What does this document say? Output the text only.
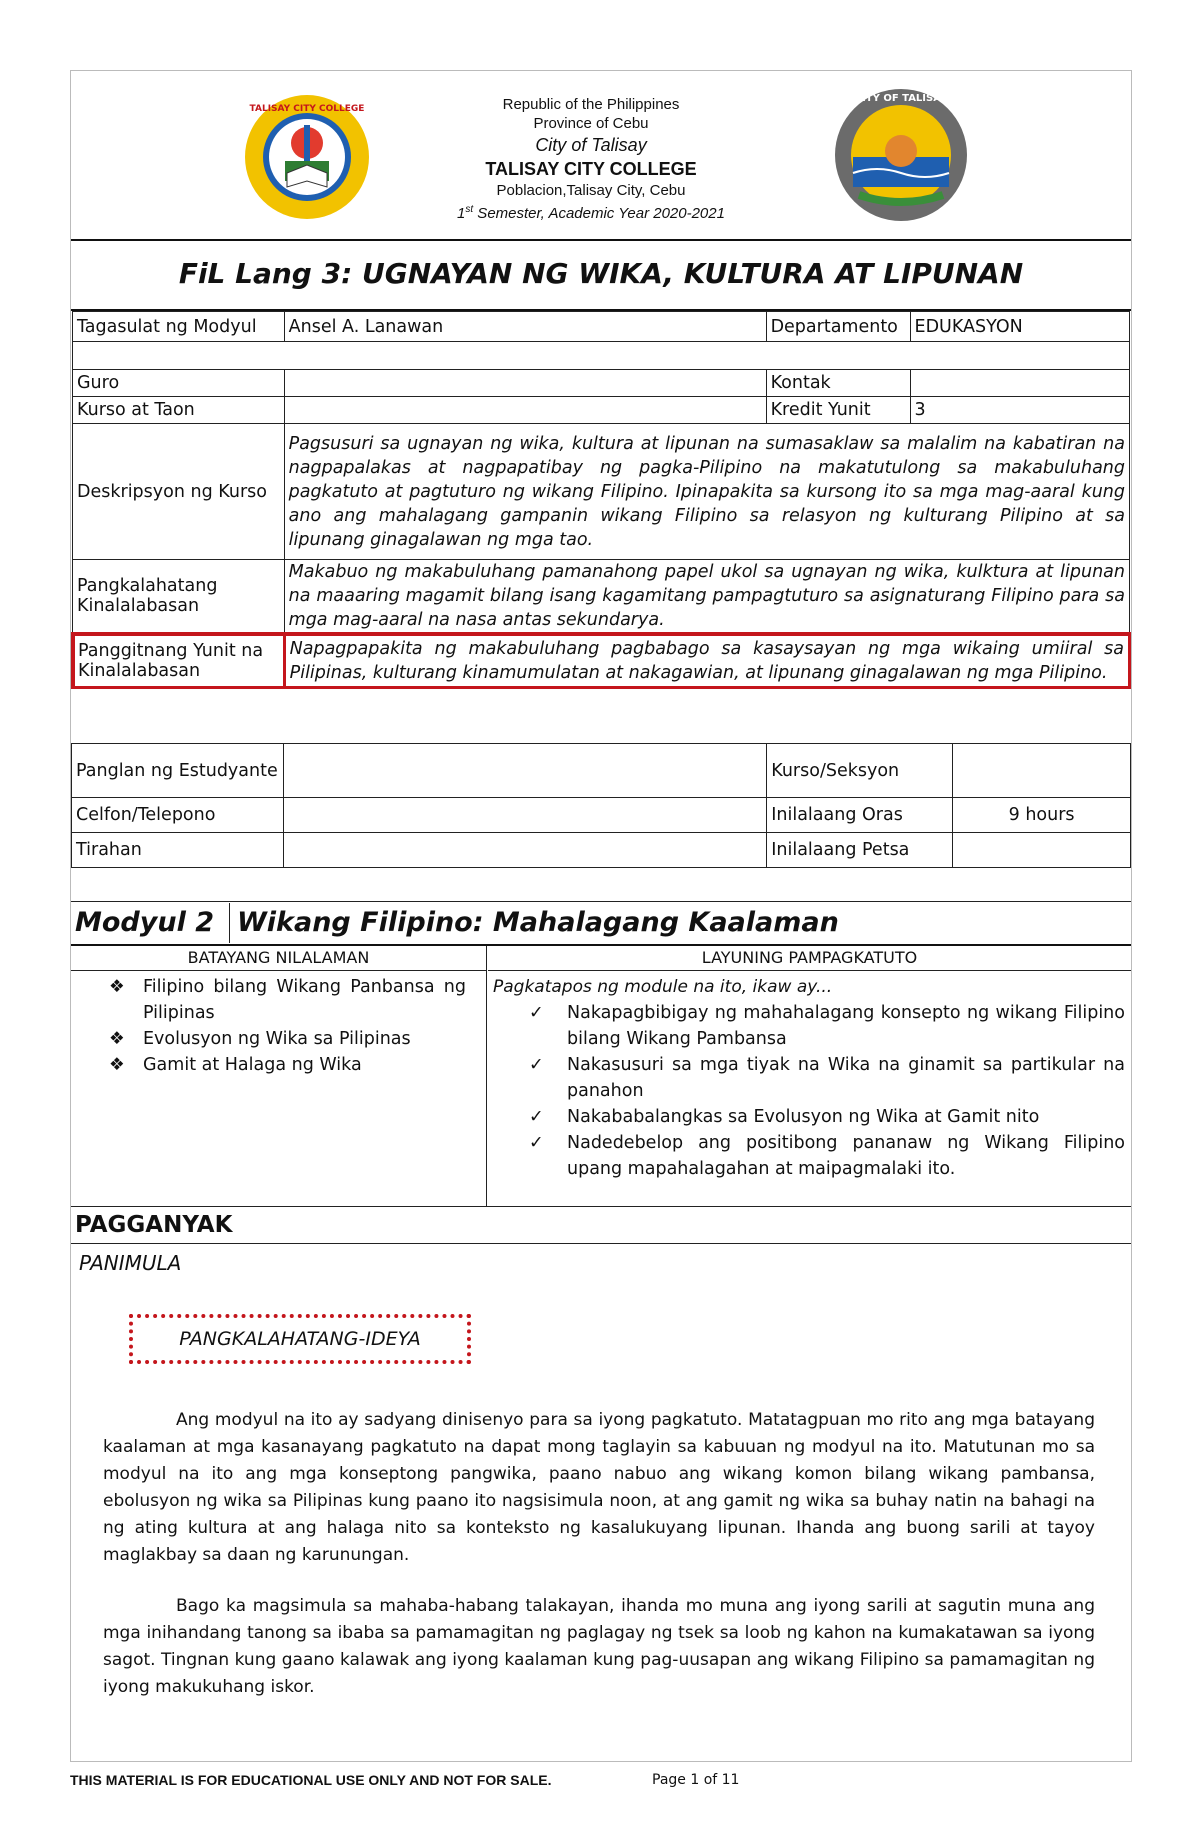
TALISAY CITY COLLEGE
CITY OF TALISAY
Republic of the Philippines
Province of Cebu
City of Talisay
TALISAY CITY COLLEGE
Poblacion,Talisay City, Cebu
1st Semester, Academic Year 2020-2021
FiL Lang 3: UGNAYAN NG WIKA, KULTURA AT LIPUNAN
Tagasulat ng Modyul	Ansel A. Lanawan	Departamento	EDUKASYON

Guro		Kontak	
Kurso at Taon		Kredit Yunit	3
Deskripsyon ng Kurso	Pagsusuri sa ugnayan ng wika, kultura at lipunan na sumasaklaw sa malalim na kabatiran na nagpapalakas at nagpapatibay ng pagka-Pilipino na makatutulong sa makabuluhang pagkatuto at pagtuturo ng wikang Filipino. Ipinapakita sa kursong ito sa mga mag-aaral kung ano ang mahalagang gampanin wikang Filipino sa relasyon ng kulturang Pilipino at sa lipunang ginagalawan ng mga tao.		
Pangkalahatang Kinalalabasan	Makabuo ng makabuluhang pamanahong papel ukol sa ugnayan ng wika, kulktura at lipunan na maaaring magamit bilang isang kagamitang pampagtuturo sa asignaturang Filipino para sa mga mag-aaral na nasa antas sekundarya.		
Panggitnang Yunit na Kinalalabasan	Napagpapakita ng makabuluhang pagbabago sa kasaysayan ng mga wikaing umiiral sa Pilipinas, kulturang kinamumulatan at nakagawian, at lipunang ginagalawan ng mga Pilipino.		
Panglan ng Estudyante		Kurso/Seksyon	
Celfon/Telepono		Inilalaang Oras	9 hours
Tirahan		Inilalaang Petsa	
Modyul 2 Wikang Filipino: Mahalagang Kaalaman
BATAYANG NILALAMAN	LAYUNING PAMPAGKATUTO
❖ Filipino bilang Wikang Panbansa ng Pilipinas
❖ Evolusyon ng Wika sa Pilipinas
❖ Gamit at Halaga ng Wika
Pagkatapos ng module na ito, ikaw ay...
✓ Nakapagbibigay ng mahahalagang konsepto ng wikang Filipino bilang Wikang Pambansa
✓ Nakasusuri sa mga tiyak na Wika na ginamit sa partikular na panahon
✓ Nakababalangkas sa Evolusyon ng Wika at Gamit nito
✓ Nadedebelop ang positibong pananaw ng Wikang Filipino upang mapahalagahan at maipagmalaki ito.
PAGGANYAK
PANIMULA
PANGKALAHATANG-IDEYA
Ang modyul na ito ay sadyang dinisenyo para sa iyong pagkatuto. Matatagpuan mo rito ang mga batayang kaalaman at mga kasanayang pagkatuto na dapat mong taglayin sa kabuuan ng modyul na ito. Matutunan mo sa modyul na ito ang mga konseptong pangwika, paano nabuo ang wikang komon bilang wikang pambansa, ebolusyon ng wika sa Pilipinas kung paano ito nagsisimula noon, at ang gamit ng wika sa buhay natin na bahagi na ng ating kultura at ang halaga nito sa konteksto ng kasalukuyang lipunan. Ihanda ang buong sarili at tayoy maglakbay sa daan ng karunungan.
Bago ka magsimula sa mahaba-habang talakayan, ihanda mo muna ang iyong sarili at sagutin muna ang mga inihandang tanong sa ibaba sa pamamagitan ng paglagay ng tsek sa loob ng kahon na kumakatawan sa iyong sagot. Tingnan kung gaano kalawak ang iyong kaalaman kung pag-uusapan ang wikang Filipino sa pamamagitan ng iyong makukuhang iskor.
THIS MATERIAL IS FOR EDUCATIONAL USE ONLY AND NOT FOR SALE.	Page 1 of 11
